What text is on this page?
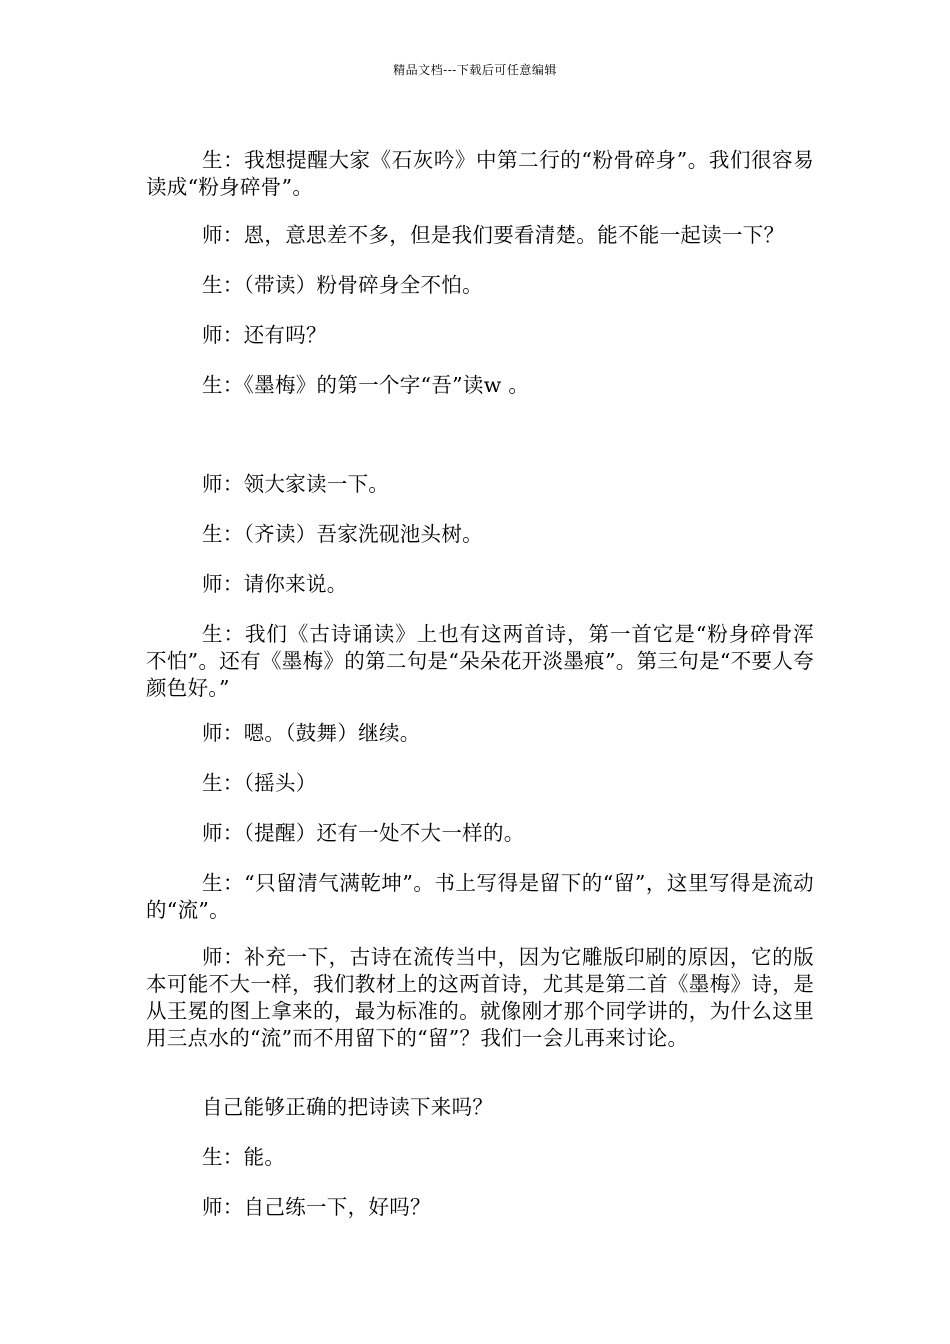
精品文档---下载后可任意编辑

生：我想提醒大家《石灰吟》中第二行的“粉骨碎身”。我们很容易读成“粉身碎骨”。

师：恩，意思差不多，但是我们要看清楚。能不能一起读一下？

生：（带读）粉骨碎身全不怕。

师：还有吗？

生：《墨梅》的第一个字“吾”读w 。

师：领大家读一下。

生：（齐读）吾家洗砚池头树。

师：请你来说。

生：我们《古诗诵读》上也有这两首诗，第一首它是“粉身碎骨浑不怕”。还有《墨梅》的第二句是“朵朵花开淡墨痕”。第三句是“不要人夸颜色好。”

师：嗯。（鼓舞）继续。

生：（摇头）

师：（提醒）还有一处不大一样的。

生：“只留清气满乾坤”。书上写得是留下的“留”，这里写得是流动的“流”。

师：补充一下，古诗在流传当中，因为它雕版印刷的原因，它的版本可能不大一样，我们教材上的这两首诗，尤其是第二首《墨梅》诗，是从王冕的图上拿来的，最为标准的。就像刚才那个同学讲的，为什么这里用三点水的“流”而不用留下的“留”？我们一会儿再来讨论。

自己能够正确的把诗读下来吗？

生：能。

师：自己练一下，好吗？
